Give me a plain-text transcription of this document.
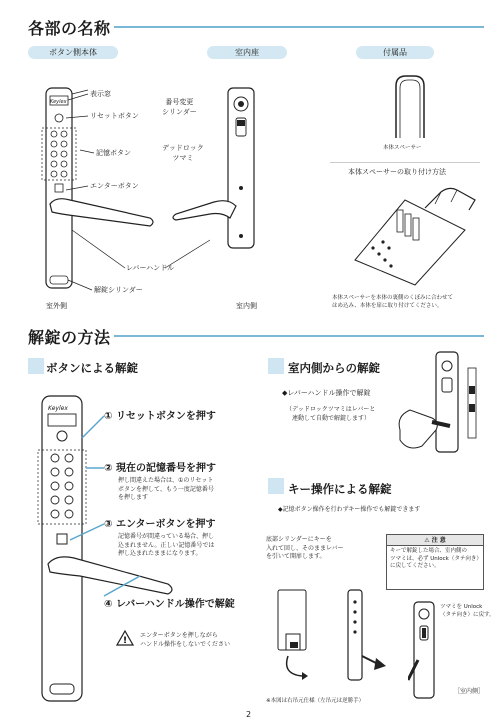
各部の名称
ボタン側本体	室内座	付属品
Keylex
表示窓
リセットボタン
記憶ボタン
エンターボタン
レバーハンドル
解錠シリンダー
室外側
番号変更
シリンダー
デッドロック
ツマミ
室内側
本体スペーサー
本体スペーサーの取り付け方法
本体スペーサーを本体の裏側のくぼみに合わせて
はめ込み、本体を扉に取り付けてください。
解錠の方法
ボタンによる解錠
Keylex
① リセットボタンを押す
② 現在の記憶番号を押す
押し間違えた場合は、①のリセット
ボタンを押して、もう一度記憶番号
を押します
③ エンターボタンを押す
記憶番号が間違っている場合、押し
込まれません。正しい記憶番号では
押し込まれたままになります。
④ レバーハンドル操作で解錠
!
エンターボタンを押しながら
ハンドル操作をしないでください
室内側からの解錠
◆レバーハンドル操作で解錠
（デッドロックツマミはレバーと
　連動して自動で解錠します）
キー操作による解錠
◆記憶ボタン操作を行わずキー操作でも解錠できます
底部シリンダーにキーを
入れて回し、そのままレバー
を引いて開扉します。
⚠ 注 意
キーで解錠した場合、室内側の
ツマミは、必ず Unlock（タテ向き）
に戻してください。
ツマミを Unlock
（タテ向き）に戻す。
※本図は右吊元仕様（左吊元は逆勝手）
［室内側］
2
